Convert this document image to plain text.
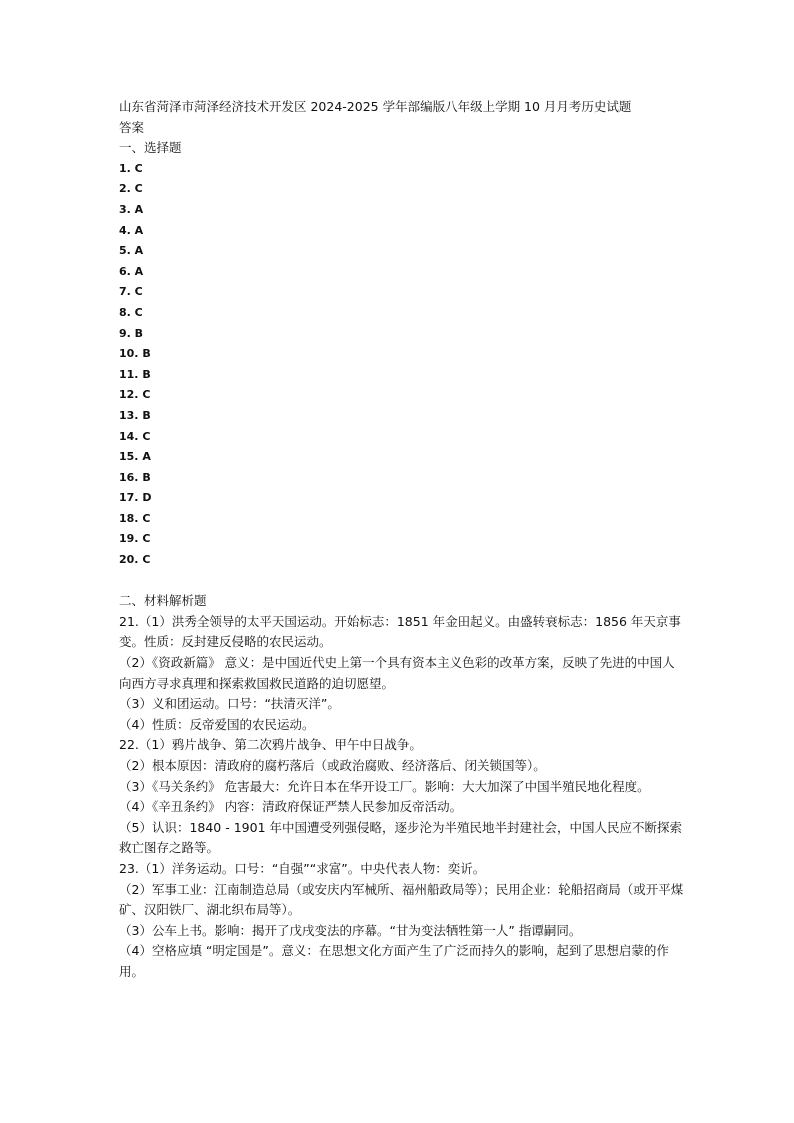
山东省菏泽市菏泽经济技术开发区 2024-2025 学年部编版八年级上学期 10 月月考历史试题
答案
一、选择题
1. C
2. C
3. A
4. A
5. A
6. A
7. C
8. C
9. B
10. B
11. B
12. C
13. B
14. C
15. A
16. B
17. D
18. C
19. C
20. C
二、材料解析题
21.（1）洪秀全领导的太平天国运动。开始标志：1851 年金田起义。由盛转衰标志：1856 年天京事变。性质：反封建反侵略的农民运动。
（2）《资政新篇》 意义：是中国近代史上第一个具有资本主义色彩的改革方案，反映了先进的中国人向西方寻求真理和探索救国救民道路的迫切愿望。
（3）义和团运动。口号：“扶清灭洋”。
（4）性质：反帝爱国的农民运动。
22.（1）鸦片战争、第二次鸦片战争、甲午中日战争。
（2）根本原因：清政府的腐朽落后（或政治腐败、经济落后、闭关锁国等）。
（3）《马关条约》 危害最大：允许日本在华开设工厂。影响：大大加深了中国半殖民地化程度。
（4）《辛丑条约》 内容：清政府保证严禁人民参加反帝活动。
（5）认识：1840 - 1901 年中国遭受列强侵略，逐步沦为半殖民地半封建社会，中国人民应不断探索救亡图存之路等。
23.（1）洋务运动。口号：“自强”“求富”。中央代表人物：奕䜣。
（2）军事工业：江南制造总局（或安庆内军械所、福州船政局等）；民用企业：轮船招商局（或开平煤矿、汉阳铁厂、湖北织布局等）。
（3）公车上书。影响：揭开了戊戌变法的序幕。“甘为变法牺牲第一人” 指谭嗣同。
（4）空格应填 “明定国是”。意义：在思想文化方面产生了广泛而持久的影响，起到了思想启蒙的作用。
